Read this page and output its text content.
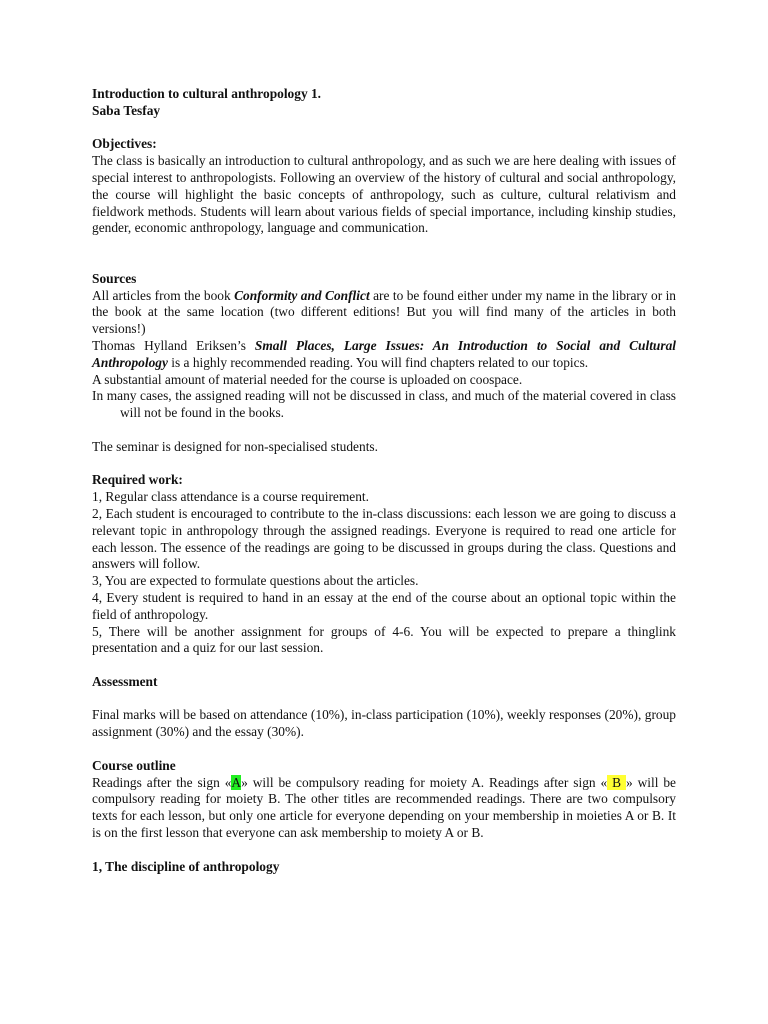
Introduction to cultural anthropology 1.

Saba Tesfay

Objectives:

The class is basically an introduction to cultural anthropology, and as such we are here dealing with issues of special interest to anthropologists. Following an overview of the history of cultural and social anthropology, the course will highlight the basic concepts of anthropology, such as culture, cultural relativism and fieldwork methods. Students will learn about various fields of special importance, including kinship studies, gender, economic anthropology, language and communication.

Sources

All articles from the book Conformity and Conflict are to be found either under my name in the library or in the book at the same location (two different editions! But you will find many of the articles in both versions!)

Thomas Hylland Eriksen’s Small Places, Large Issues: An Introduction to Social and Cultural Anthropology is a highly recommended reading. You will find chapters related to our topics.

A substantial amount of material needed for the course is uploaded on coospace.

In many cases, the assigned reading will not be discussed in class, and much of the material covered in class will not be found in the books.

The seminar is designed for non-specialised students.

Required work:

1, Regular class attendance is a course requirement.

2, Each student is encouraged to contribute to the in-class discussions: each lesson we are going to discuss a relevant topic in anthropology through the assigned readings. Everyone is required to read one article for each lesson. The essence of the readings are going to be discussed in groups during the class. Questions and answers will follow.

3, You are expected to formulate questions about the articles.

4, Every student is required to hand in an essay at the end of the course about an optional topic within the field of anthropology.

5, There will be another assignment for groups of 4-6. You will be expected to prepare a thinglink presentation and a quiz for our last session.

Assessment

Final marks will be based on attendance (10%), in-class participation (10%), weekly responses (20%), group assignment (30%) and the essay (30%).

Course outline

Readings after the sign «A» will be compulsory reading for moiety A. Readings after sign « B » will be compulsory reading for moiety B. The other titles are recommended readings. There are two compulsory texts for each lesson, but only one article for everyone depending on your membership in moieties A or B. It is on the first lesson that everyone can ask membership to moiety A or B.

1, The discipline of anthropology
